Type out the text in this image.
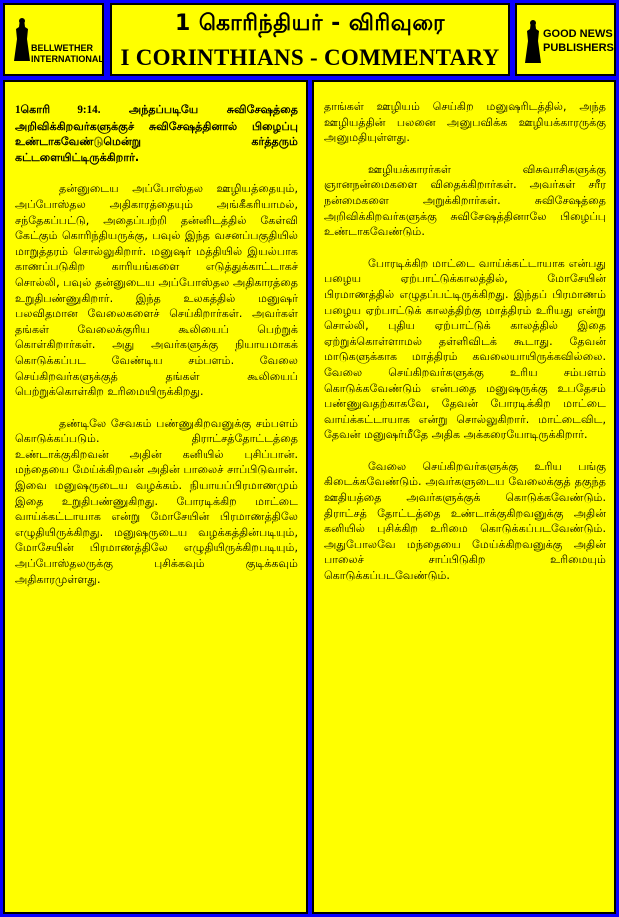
BELLWETHER
INTERNATIONAL
1 கொரிந்தியர் - விரிவுரை
I CORINTHIANS - COMMENTARY
GOOD NEWS
PUBLISHERS

1கொரி 9:14.	அந்தப்படியே சுவிசேஷத்தை அறிவிக்கிறவர்களுக்குச் சுவிசேஷத்தினால் பிழைப்பு உண்டாகவேண்டுமென்று கர்த்தரும் கட்டளையிட்டிருக்கிறார்.

தன்னுடைய அப்போஸ்தல ஊழியத்தையும், அப்போஸ்தல அதிகாரத்தையும் அங்கீகரியாமல், சந்தேகப்பட்டு, அதைப்பற்றி தன்னிடத்தில் கேள்வி கேட்கும் கொரிந்தியருக்கு, பவுல் இந்த வசனப்பகுதியில் மாறுத்தரம் சொல்லுகிறார். மனுஷர் மத்தியில் இயல்பாக காணப்படுகிற காரியங்களை எடுத்துக்காட்டாகச் சொல்லி, பவுல் தன்னுடைய அப்போஸ்தல அதிகாரத்தை உறுதிபண்ணுகிறார். இந்த உலகத்தில் மனுஷர் பலவிதமான வேலைகளைச் செய்கிறார்கள். அவர்கள் தங்கள் வேலைக்குரிய கூலியைப் பெற்றுக் கொள்கிறார்கள். அது அவர்களுக்கு நியாயமாகக் கொடுக்கப்பட வேண்டிய சம்பளம். வேலை செய்கிறவர்களுக்குத் தங்கள் கூலியைப் பெற்றுக்கொள்கிற உரிமையிருக்கிறது.

தண்டிலே சேவகம் பண்ணுகிறவனுக்கு சம்பளம் கொடுக்கப்படும். திராட்சத்தோட்டத்தை உண்டாக்குகிறவன் அதின் கனியில் புசிப்பான். மந்தையை மேய்க்கிறவன் அதின் பாலைச் சாப்பிடுவான். இவை மனுஷருடைய வழக்கம். நியாயப்பிரமாணமும் இதை உறுதிபண்ணுகிறது. போரடிக்கிற மாட்டை வாய்க்கட்டாயாக என்று மோசேயின் பிரமாணத்திலே எழுதியிருக்கிறது. மனுஷருடைய வழக்கத்தின்படியும், மோசேயின் பிரமாணத்திலே எழுதியிருக்கிறபடியும், அப்போஸ்தலருக்கு புசிக்கவும் குடிக்கவும் அதிகாரமுள்ளது.

தாங்கள் ஊழியம் செய்கிற மனுஷரிடத்தில், அந்த ஊழியத்தின் பலனை அனுபவிக்க ஊழியக்காரருக்கு அனுமதியுள்ளது.

ஊழியக்காரர்கள் விசுவாசிகளுக்கு ஞானநன்மைகளை விதைக்கிறார்கள். அவர்கள் சரீர நன்மைகளை அறுக்கிறார்கள். சுவிசேஷத்தை அறிவிக்கிறவர்களுக்கு சுவிசேஷத்தினாலே பிழைப்பு உண்டாகவேண்டும்.

போரடிக்கிற மாட்டை வாய்க்கட்டாயாக என்பது பழைய ஏற்பாட்டுக்காலத்தில், மோசேயின் பிரமாணத்தில் எழுதப்பட்டிருக்கிறது. இந்தப் பிரமாணம் பழைய ஏற்பாட்டுக் காலத்திற்கு மாத்திரம் உரியது என்று சொல்லி, புதிய ஏற்பாட்டுக் காலத்தில் இதை ஏற்றுக்கொள்ளாமல் தள்ளிவிடக் கூடாது. தேவன் மாடுகளுக்காக மாத்திரம் கவலையாயிருக்கவில்லை. வேலை செய்கிறவர்களுக்கு உரிய சம்பளம் கொடுக்கவேண்டும் என்பதை மனுஷருக்கு உபதேசம் பண்ணுவதற்காகவே, தேவன் போரடிக்கிற மாட்டை வாய்க்கட்டாயாக என்று சொல்லுகிறார். மாட்டைவிட, தேவன் மனுஷர்மீதே அதிக அக்கரையோடிருக்கிறார்.

வேலை செய்கிறவர்களுக்கு உரிய பங்கு கிடைக்கவேண்டும். அவர்களுடைய வேலைக்குத் தகுந்த ஊதியத்தை அவர்களுக்குக் கொடுக்கவேண்டும். திராட்சத் தோட்டத்தை உண்டாக்குகிறவனுக்கு அதின் கனியில் புசிக்கிற உரிமை கொடுக்கப்படவேண்டும். அதுபோலவே மந்தையை மேய்க்கிறவனுக்கு அதின் பாலைச் சாப்பிடுகிற உரிமையும் கொடுக்கப்படவேண்டும்.
